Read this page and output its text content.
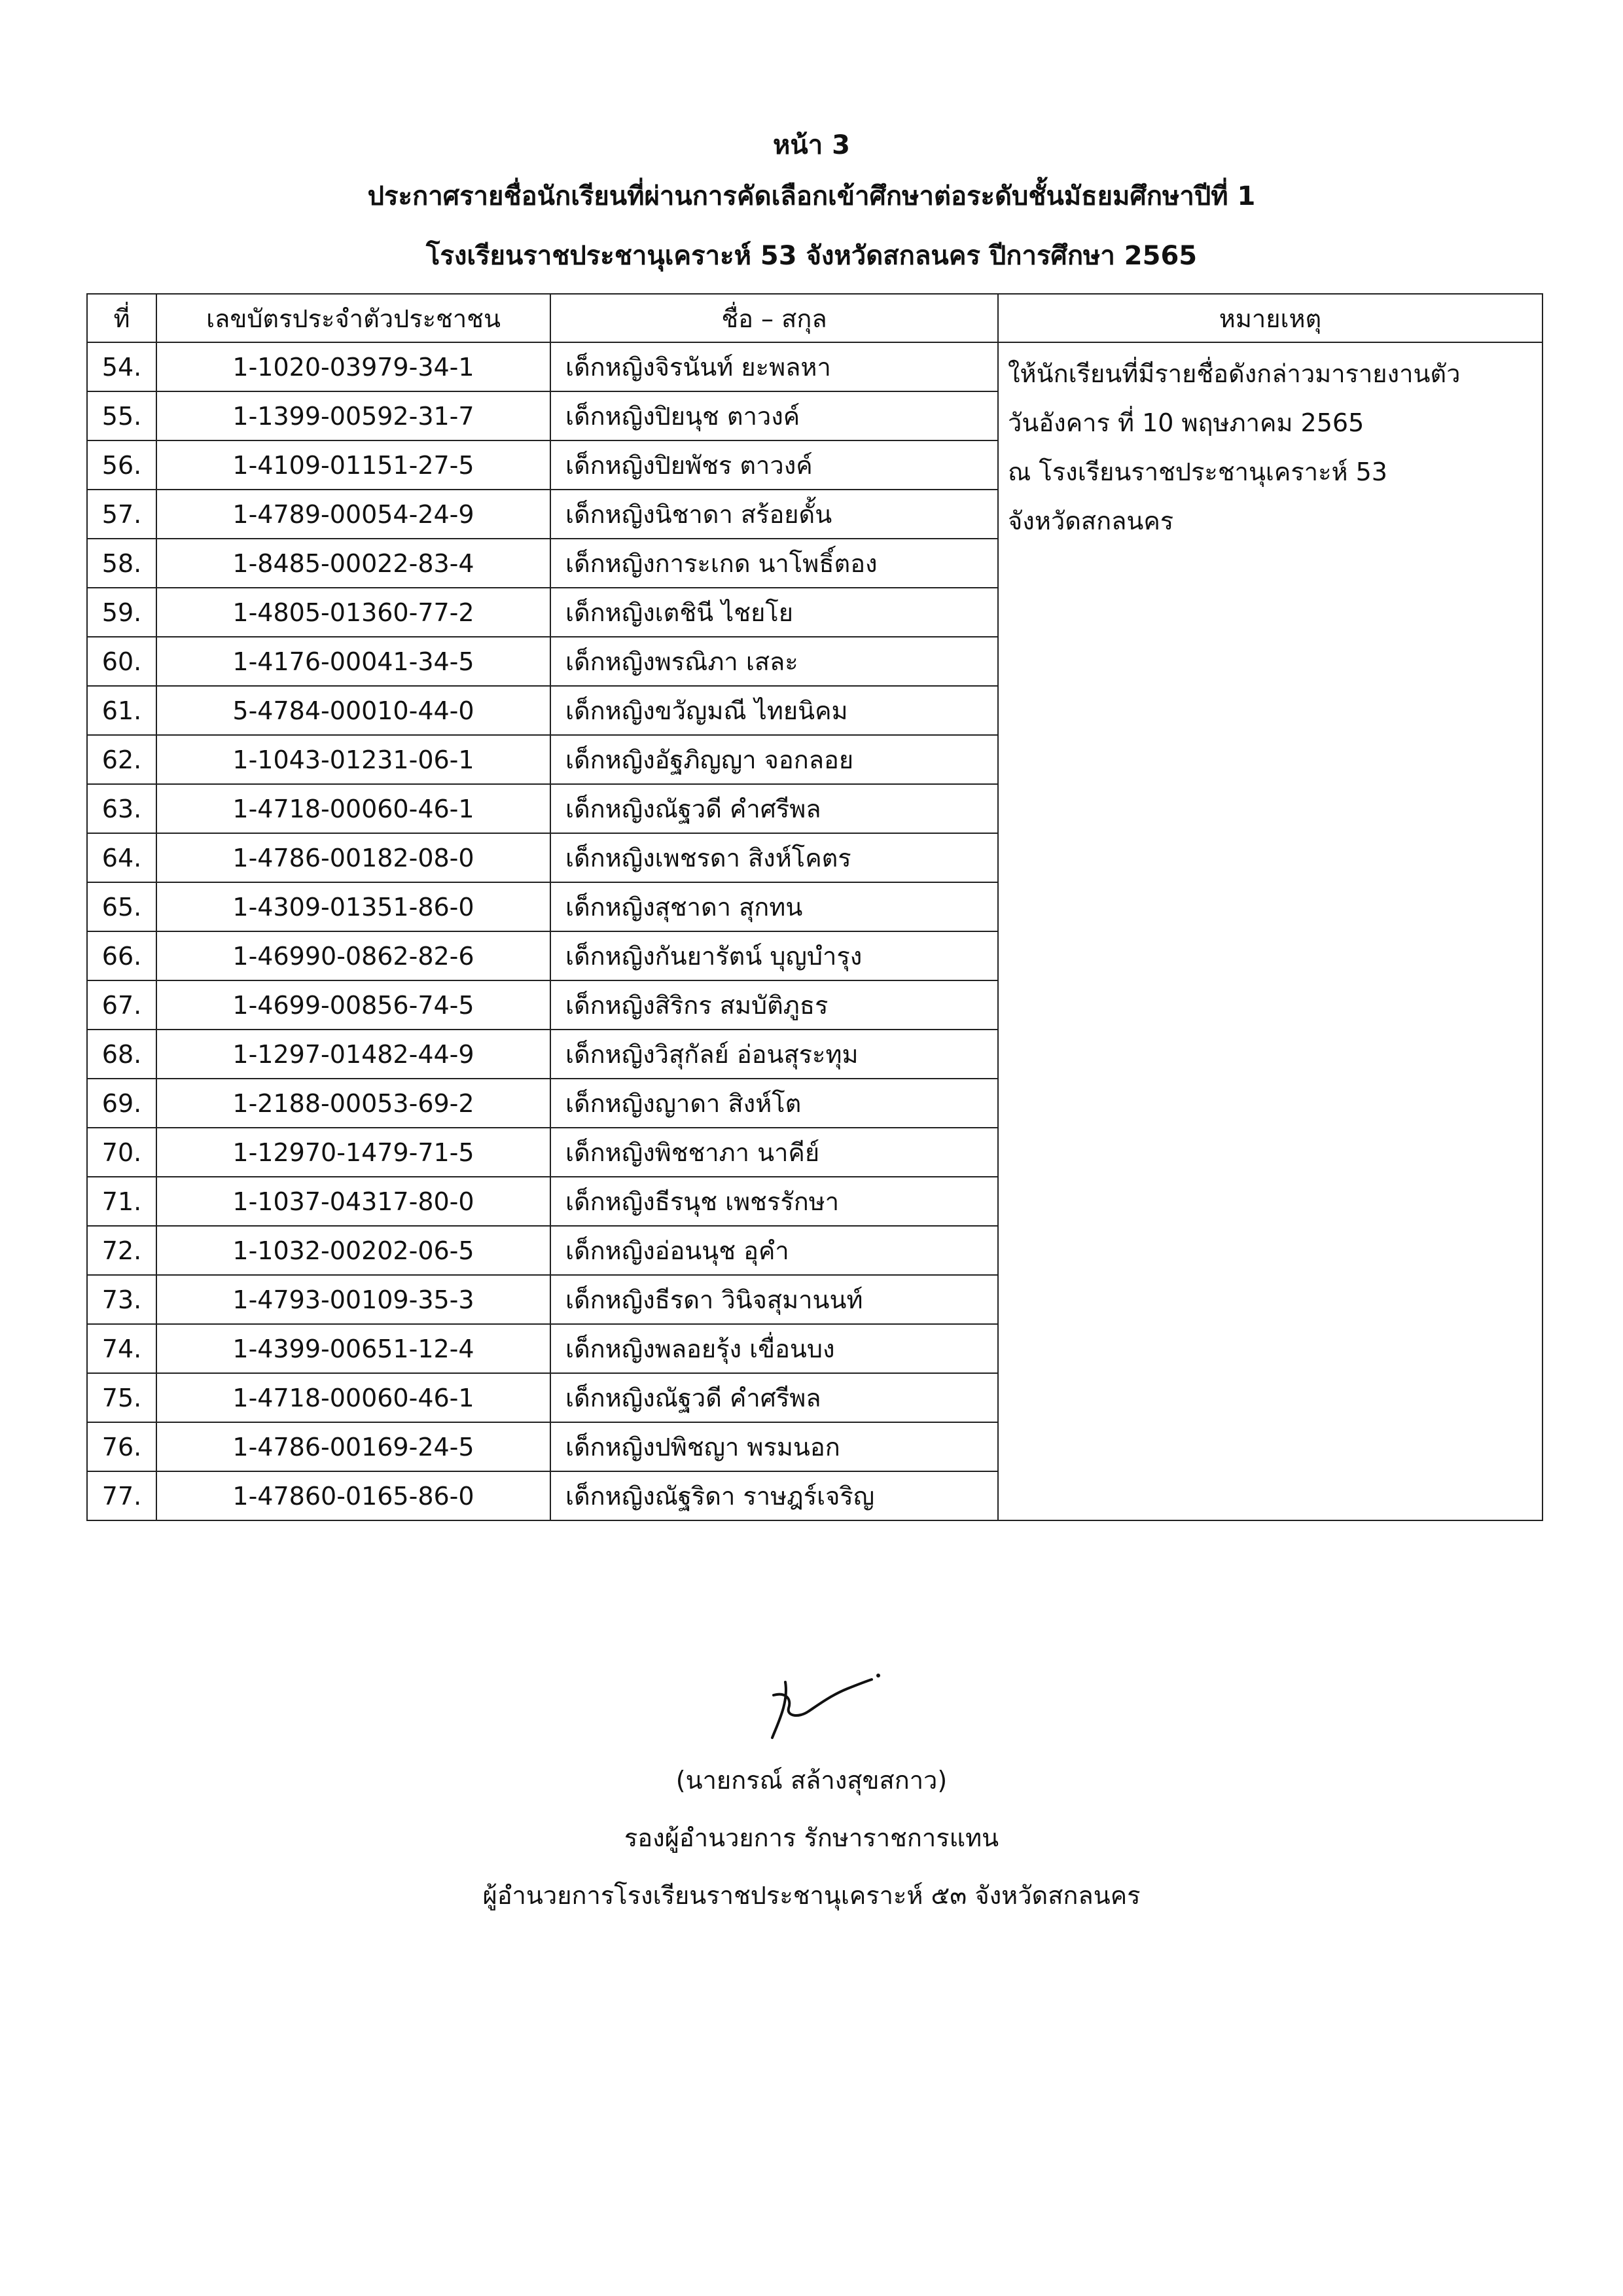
หน้า 3
ประกาศรายชื่อนักเรียนที่ผ่านการคัดเลือกเข้าศึกษาต่อระดับชั้นมัธยมศึกษาปีที่ 1
โรงเรียนราชประชานุเคราะห์ 53 จังหวัดสกลนคร ปีการศึกษา 2565
ที่	เลขบัตรประจำตัวประชาชน	ชื่อ – สกุล	หมายเหตุ
54.	1-1020-03979-34-1	เด็กหญิงจิรนันท์ ยะพลหา	ให้นักเรียนที่มีรายชื่อดังกล่าวมารายงานตัว
วันอังคาร ที่ 10 พฤษภาคม 2565
ณ โรงเรียนราชประชานุเคราะห์ 53
จังหวัดสกลนคร

55.	1-1399-00592-31-7	เด็กหญิงปิยนุช ตาวงค์	
56.	1-4109-01151-27-5	เด็กหญิงปิยพัชร ตาวงค์	
57.	1-4789-00054-24-9	เด็กหญิงนิชาดา สร้อยดั้น	
58.	1-8485-00022-83-4	เด็กหญิงการะเกด นาโพธิ์ตอง	
59.	1-4805-01360-77-2	เด็กหญิงเตชินี ไชยโย	
60.	1-4176-00041-34-5	เด็กหญิงพรณิภา เสละ	
61.	5-4784-00010-44-0	เด็กหญิงขวัญมณี ไทยนิคม	
62.	1-1043-01231-06-1	เด็กหญิงอัฐภิญญา จอกลอย	
63.	1-4718-00060-46-1	เด็กหญิงณัฐวดี คำศรีพล	
64.	1-4786-00182-08-0	เด็กหญิงเพชรดา สิงห์โคตร	
65.	1-4309-01351-86-0	เด็กหญิงสุชาดา สุกทน	
66.	1-46990-0862-82-6	เด็กหญิงกันยารัตน์ บุญบำรุง	
67.	1-4699-00856-74-5	เด็กหญิงสิริกร สมบัติภูธร	
68.	1-1297-01482-44-9	เด็กหญิงวิสุกัลย์ อ่อนสุระทุม	
69.	1-2188-00053-69-2	เด็กหญิงญาดา สิงห์โต	
70.	1-12970-1479-71-5	เด็กหญิงพิชชาภา นาคีย์	
71.	1-1037-04317-80-0	เด็กหญิงธีรนุช เพชรรักษา	
72.	1-1032-00202-06-5	เด็กหญิงอ่อนนุช อุคำ	
73.	1-4793-00109-35-3	เด็กหญิงธีรดา วินิจสุมานนท์	
74.	1-4399-00651-12-4	เด็กหญิงพลอยรุ้ง เขื่อนบง	
75.	1-4718-00060-46-1	เด็กหญิงณัฐวดี คำศรีพล	
76.	1-4786-00169-24-5	เด็กหญิงปพิชญา พรมนอก	
77.	1-47860-0165-86-0	เด็กหญิงณัฐริดา ราษฎร์เจริญ	
(นายกรณ์ สล้างสุขสกาว)
รองผู้อำนวยการ รักษาราชการแทน
ผู้อำนวยการโรงเรียนราชประชานุเคราะห์ ๕๓ จังหวัดสกลนคร
